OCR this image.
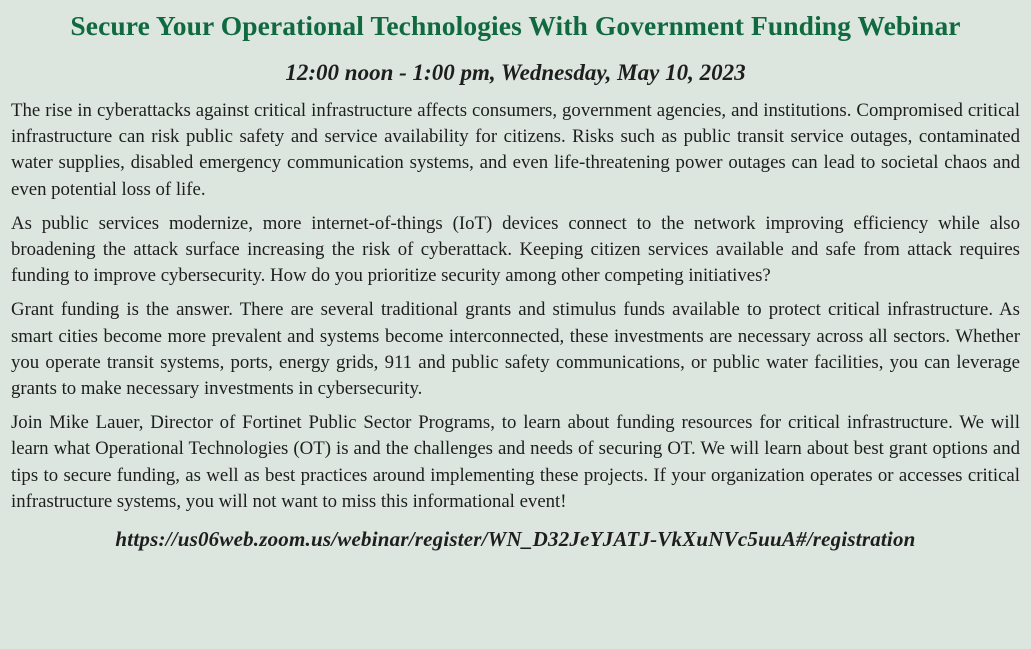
Secure Your Operational Technologies With Government Funding Webinar
12:00 noon - 1:00 pm, Wednesday, May 10, 2023

The rise in cyberattacks against critical infrastructure affects consumers, government agencies, and institutions. Compromised critical infrastructure can risk public safety and service availability for citizens. Risks such as public transit service outages, contaminated water supplies, disabled emergency communication systems, and even life-threatening power outages can lead to societal chaos and even potential loss of life.

As public services modernize, more internet-of-things (IoT) devices connect to the network improving efficiency while also broadening the attack surface increasing the risk of cyberattack. Keeping citizen services available and safe from attack requires funding to improve cybersecurity. How do you prioritize security among other competing initiatives?

Grant funding is the answer. There are several traditional grants and stimulus funds available to protect critical infrastructure. As smart cities become more prevalent and systems become interconnected, these investments are necessary across all sectors. Whether you operate transit systems, ports, energy grids, 911 and public safety communications, or public water facilities, you can leverage grants to make necessary investments in cybersecurity.

Join Mike Lauer, Director of Fortinet Public Sector Programs, to learn about funding resources for critical infrastructure. We will learn what Operational Technologies (OT) is and the challenges and needs of securing OT. We will learn about best grant options and tips to secure funding, as well as best practices around implementing these projects. If your organization operates or accesses critical infrastructure systems, you will not want to miss this informational event!

https://us06web.zoom.us/webinar/register/WN_D32JeYJATJ-VkXuNVc5uuA#/registration
